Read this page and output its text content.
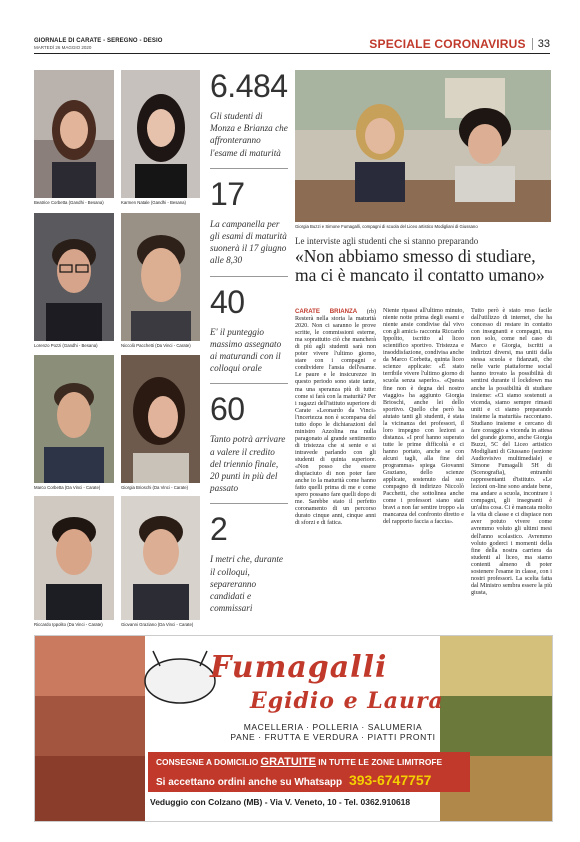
GIORNALE DI CARATE - SEREGNO - DESIO
MARTEDÌ 26 MAGGIO 2020	SPECIALE CORONAVIRUS	33
Beatrice Corbetta (Gandhi - Besana)	Karmen Natale (Gandhi - Besana)
Lorenzo Pozzi (Gandhi - Besana)	Niccolò Pacchetti (Da Vinci - Carate)
Marco Corbetta (Da Vinci - Carate)	Giorgia Brioschi (Da Vinci - Carate)
Riccardo Ippolito (Da Vinci - Carate)	Giovanni Graziano (Da Vinci - Carate)
6.484
Gli studenti di Monza e Brianza che affronteranno l'esame di maturità
17
La campanella per gli esami di maturità suonerà il 17 giugno alle 8,30
40
E' il punteggio massimo assegnato ai maturandi con il colloqui orale
60
Tanto potrà arrivare a valere il credito del triennio finale, 20 punti in più del passato
2
I metri che, durante il colloqui, separeranno candidati e commissari
Giorgia Buzzi e Simone Fumagalli, compagni di scuola del Liceo artistico Modigliani di Giussano
Le interviste agli studenti che si stanno preparando
«Non abbiamo smesso di studiare, ma ci è mancato il contatto umano»
CARATE BRIANZA (rb) Resterà nella storia la maturità 2020. Non ci saranno le prove scritte, le commissioni esterne, ma soprattutto ciò che mancherà di più agli studenti sarà non poter vivere l'ultimo giorno, stare con i compagni e condividere l'ansia dell'esame. Le paure e le insicurezze in questo periodo sono state tante, ma una speranza più di tutte: come si farà con la maturità? Per i ragazzi dell'istituto superiore di Carate «Leonardo da Vinci» l'incertezza non è scomparsa del tutto dopo le dichiarazioni del ministro Azzolina ma nulla paragonato al grande sentimento di tristezza che si sente e si intravede parlando con gli studenti di quinta superiore. «Non posso che essere dispiaciuto di non poter fare anche io la maturità come hanno fatto quelli prima di me e come spero possano fare quelli dopo di me. Sarebbe stato il perfetto coronamento di un percorso durato cinque anni, cinque anni di sforzi e di fatica.
Niente ripassi all'ultimo minuto, niente notte prima degli esami e niente ansie condivise dal vivo con gli amici» racconta Riccardo Ippolito, iscritto al liceo scientifico sportivo. Tristezza e insoddisfazione, condivisa anche da Marco Corbetta, quinta liceo scienze applicate: «É stato terribile vivere l'ultimo giorno di scuola senza saperlo». «Questa fine non è degna del nostro viaggio» ha aggiunto Giorgia Brioschi, anche lei dello sportivo. Quello che però ha aiutato tanti gli studenti, è stata la vicinanza dei professori, il loro impegno con lezioni a distanza. «I prof hanno superato tutte le prime difficoltà e ci hanno portato, anche se con alcuni tagli, alla fine del programma» spiega Giovanni Graziano, dello scienze applicate, sostenuto dal suo compagno di indirizzo Niccolò Pacchetti, che sottolinea anche come i professori siano stati bravi a non far sentire troppo «la mancanza del confronto diretto e del rapporto faccia a faccia».
Tutto però è stato reso facile dall'utilizzo di internet, che ha concesso di restare in contatto con insegnanti e compagni, ma non solo, come nel caso di Marco e Giorgia, iscritti a indirizzi diversi, ma uniti dalla stessa scuola e fidanzati, che nelle varie piattaforme social hanno trovato la possibilità di sentirsi durante il lockdown ma anche la possibilità di studiare insieme: «Ci siamo sostenuti a vicenda, siamo sempre rimasti uniti e ci siamo preparando insieme la maturità» raccontano. Studiano insieme e cercano di fare coraggio a vicenda in attesa del grande giorno, anche Giorgia Buzzi, 5C del Liceo artistico Modigliani di Giussano (sezione Audiovisivo multimediale) e Simone Fumagalli 5H di (Scenografia), entrambi rappresentanti d'istituto. «Le lezioni on-line sono andate bene, ma andare a scuola, incontrare i compagni, gli insegnanti è un'altra cosa. Ci è mancata molto la vita di classe e ci dispiace non aver potuto vivere come avremmo voluto gli ultimi mesi dell'anno scolastico. Avremmo voluto goderci i momenti della fine della nostra carriera da studenti al liceo, ma siamo contenti almeno di poter sostenere l'esame in classe, con i nostri professori. La scelta fatta dal Ministro sembra essere la più giusta,
Fumagalli
Egidio e Laura
MACELLERIA · POLLERIA · SALUMERIA
PANE · FRUTTA E VERDURA · PIATTI PRONTI
CONSEGNE A DOMICILIO GRATUITE IN TUTTE LE ZONE LIMITROFE
Si accettano ordini anche su Whatsapp 393-6747757
Veduggio con Colzano (MB) - Via V. Veneto, 10 - Tel. 0362.910618
